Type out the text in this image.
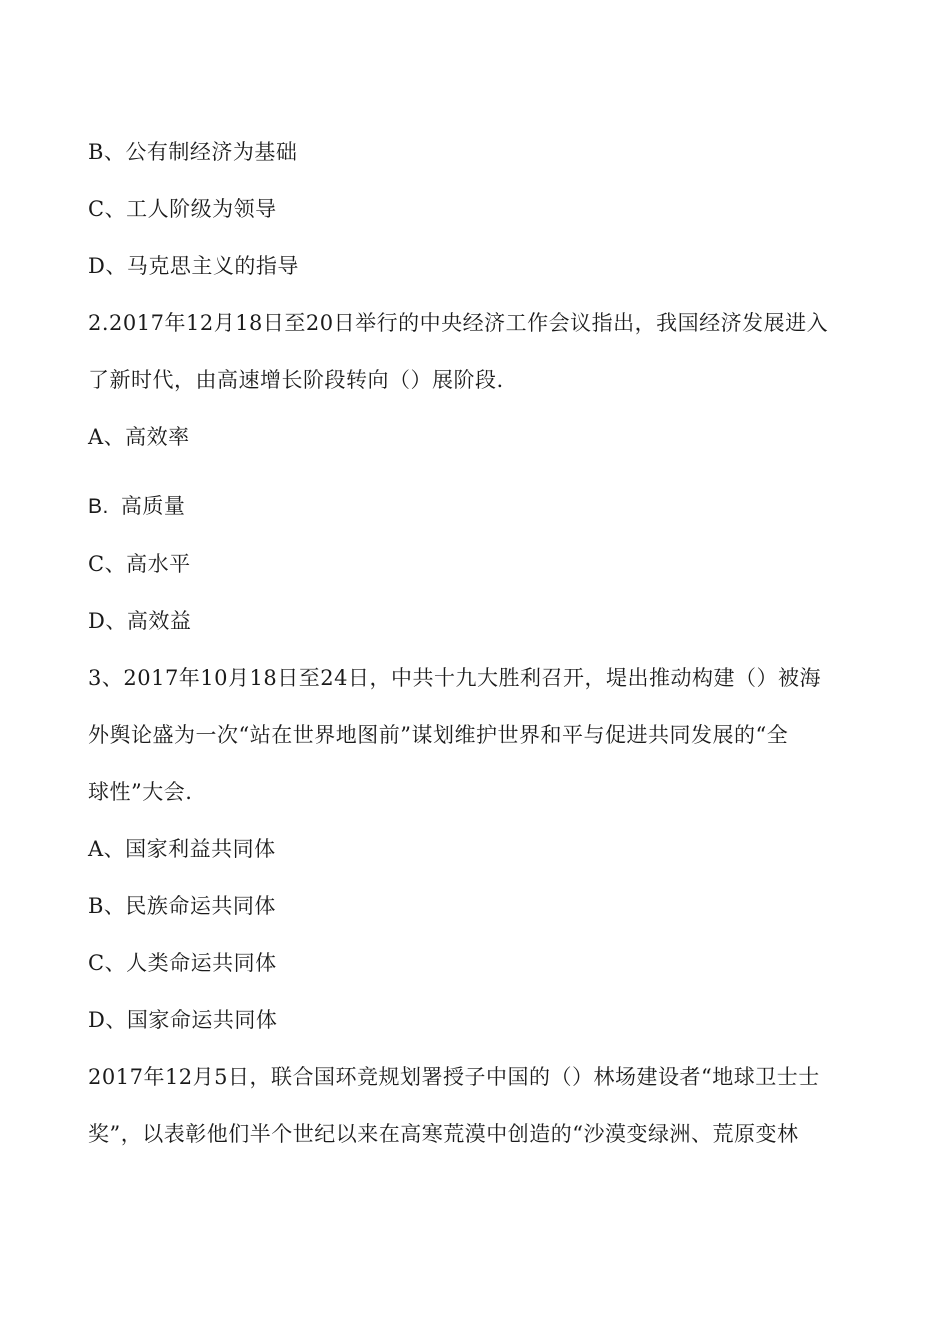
B、公有制经济为基础
C、工人阶级为领导
D、马克思主义的指导
2.2017年12月18日至20日举行的中央经济工作会议指出，我国经济发展进入
了新时代，由高速增长阶段转向（）展阶段.
A、高效率
B. 高质量
C、高水平
D、高效益
3、2017年10月18日至24日，中共十九大胜利召开，堤出推动构建（）被海
外舆论盛为一次“站在世界地图前”谋划维护世界和平与促进共同发展的“全
球性”大会.
A、国家利益共同体
B、民族命运共同体
C、人类命运共同体
D、国家命运共同体
2017年12月5日，联合国环竞规划署授子中国的（）林场建设者“地球卫士士
奖”，以表彰他们半个世纪以来在高寒荒漠中创造的“沙漠变绿洲、荒原变林
